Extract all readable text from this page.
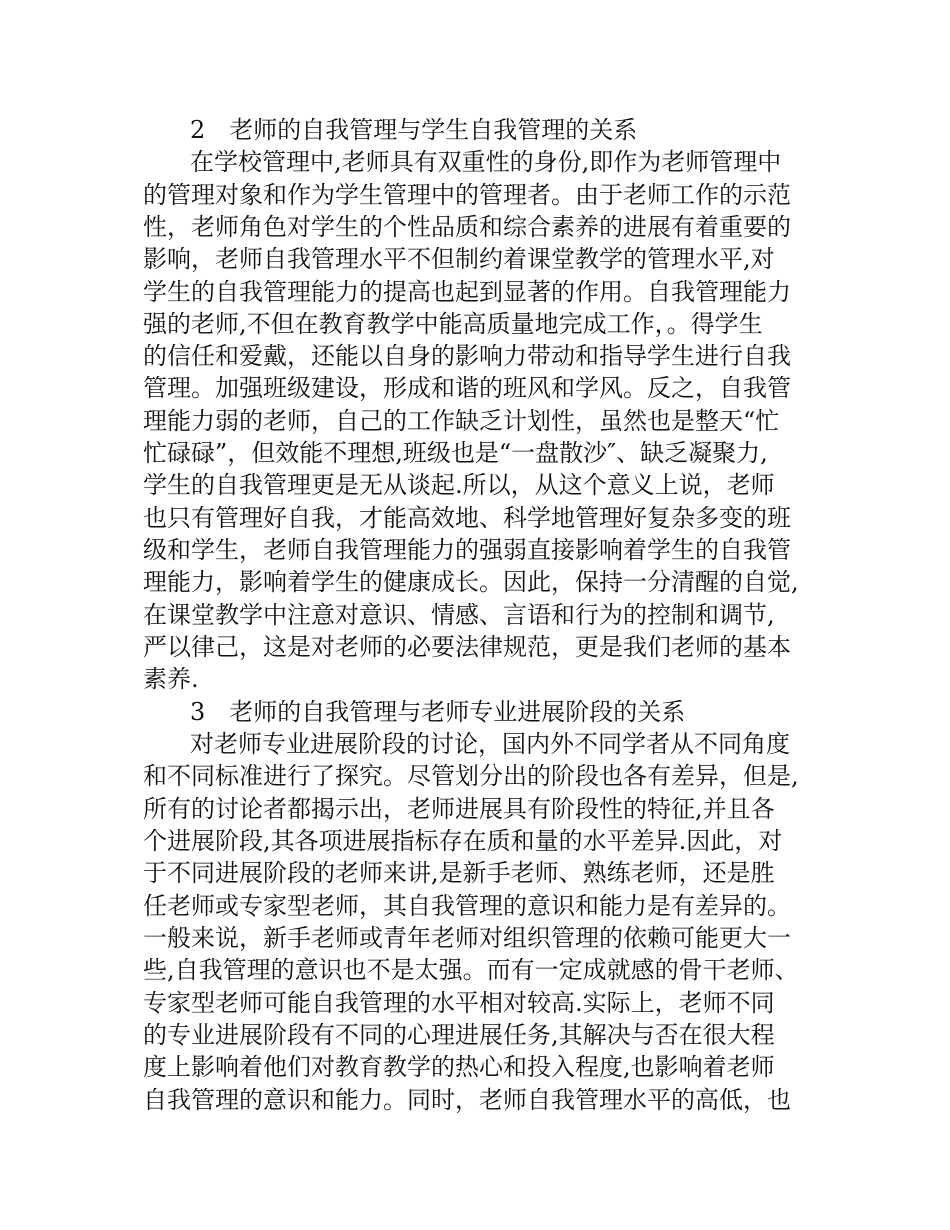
2　老师的自我管理与学生自我管理的关系
在学校管理中,老师具有双重性的身份,即作为老师管理中
的管理对象和作为学生管理中的管理者。由于老师工作的示范
性，老师角色对学生的个性品质和综合素养的进展有着重要的
影响，老师自我管理水平不但制约着课堂教学的管理水平,对
学生的自我管理能力的提高也起到显著的作用。自我管理能力
强的老师,不但在教育教学中能高质量地完成工作，。得学生
的信任和爱戴，还能以自身的影响力带动和指导学生进行自我
管理。加强班级建设，形成和谐的班风和学风。反之，自我管
理能力弱的老师，自己的工作缺乏计划性，虽然也是整天“忙
忙碌碌”，但效能不理想,班级也是“一盘散沙″、缺乏凝聚力,
学生的自我管理更是无从谈起.所以，从这个意义上说，老师
也只有管理好自我，才能高效地、科学地管理好复杂多变的班
级和学生，老师自我管理能力的强弱直接影响着学生的自我管
理能力，影响着学生的健康成长。因此，保持一分清醒的自觉,
在课堂教学中注意对意识、情感、言语和行为的控制和调节,
严以律己，这是对老师的必要法律规范，更是我们老师的基本
素养.
3　老师的自我管理与老师专业进展阶段的关系
对老师专业进展阶段的讨论，国内外不同学者从不同角度
和不同标准进行了探究。尽管划分出的阶段也各有差异，但是,
所有的讨论者都揭示出，老师进展具有阶段性的特征,并且各
个进展阶段,其各项进展指标存在质和量的水平差异.因此，对
于不同进展阶段的老师来讲,是新手老师、熟练老师，还是胜
任老师或专家型老师，其自我管理的意识和能力是有差异的。
一般来说，新手老师或青年老师对组织管理的依赖可能更大一
些,自我管理的意识也不是太强。而有一定成就感的骨干老师、
专家型老师可能自我管理的水平相对较高.实际上，老师不同
的专业进展阶段有不同的心理进展任务,其解决与否在很大程
度上影响着他们对教育教学的热心和投入程度,也影响着老师
自我管理的意识和能力。同时，老师自我管理水平的高低，也
